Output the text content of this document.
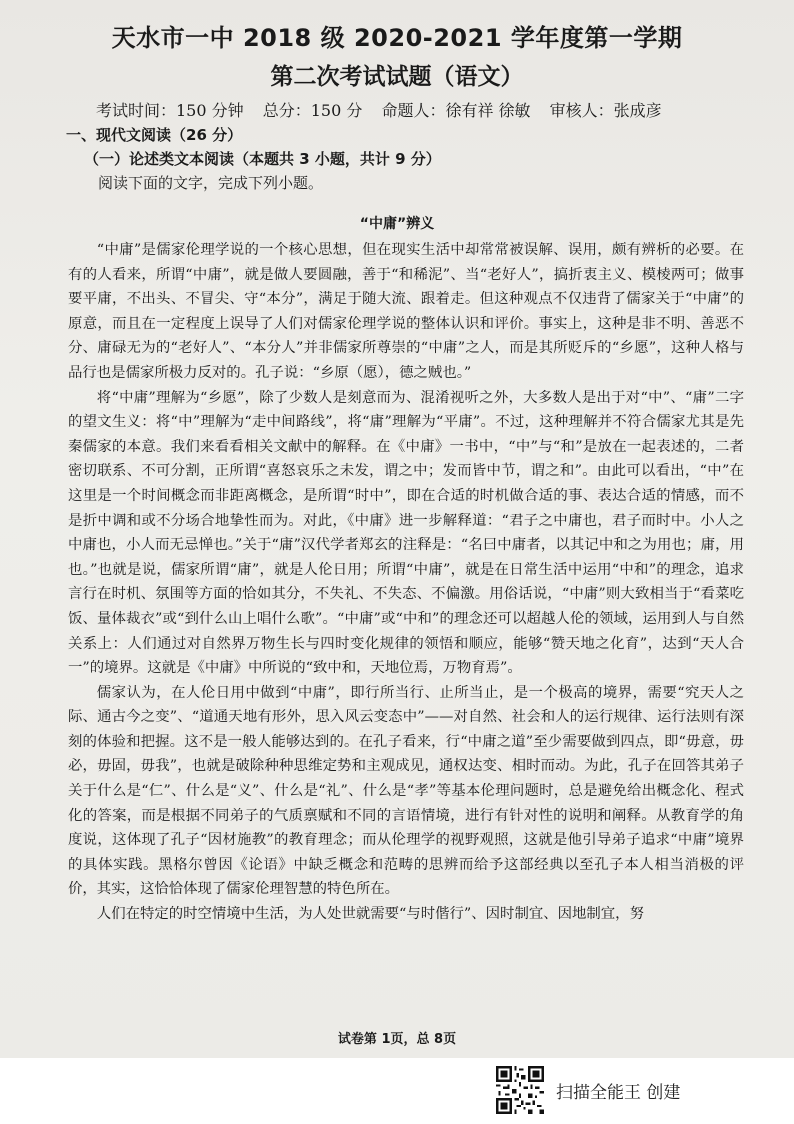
天水市一中 2018 级 2020-2021 学年度第一学期
第二次考试试题（语文）
考试时间：150 分钟 总分：150 分 命题人：徐有祥 徐敏 审核人：张成彦
一、现代文阅读（26 分）
（一）论述类文本阅读（本题共 3 小题，共计 9 分）
阅读下面的文字，完成下列小题。
“中庸”辨义

“中庸”是儒家伦理学说的一个核心思想，但在现实生活中却常常被误解、误用，颇有辨析的必要。在有的人看来，所谓“中庸”，就是做人要圆融，善于“和稀泥”、当“老好人”，搞折衷主义、模棱两可；做事要平庸，不出头、不冒尖、守“本分”，满足于随大流、跟着走。但这种观点不仅违背了儒家关于“中庸”的原意，而且在一定程度上误导了人们对儒家伦理学说的整体认识和评价。事实上，这种是非不明、善恶不分、庸碌无为的“老好人”、“本分人”并非儒家所尊崇的“中庸”之人，而是其所贬斥的“乡愿”，这种人格与品行也是儒家所极力反对的。孔子说：“乡原（愿），德之贼也。”

将“中庸”理解为“乡愿”，除了少数人是刻意而为、混淆视听之外，大多数人是出于对“中”、“庸”二字的望文生义：将“中”理解为“走中间路线”，将“庸”理解为“平庸”。不过，这种理解并不符合儒家尤其是先秦儒家的本意。我们来看看相关文献中的解释。在《中庸》一书中，“中”与“和”是放在一起表述的，二者密切联系、不可分割，正所谓“喜怒哀乐之未发，谓之中；发而皆中节，谓之和”。由此可以看出，“中”在这里是一个时间概念而非距离概念，是所谓“时中”，即在合适的时机做合适的事、表达合适的情感，而不是折中调和或不分场合地挚性而为。对此，《中庸》进一步解释道：“君子之中庸也，君子而时中。小人之中庸也，小人而无忌惮也。”关于“庸”汉代学者郑玄的注释是：“名曰中庸者，以其记中和之为用也；庸，用也。”也就是说，儒家所谓“庸”，就是人伦日用；所谓“中庸”，就是在日常生活中运用“中和”的理念，追求言行在时机、氛围等方面的恰如其分，不失礼、不失态、不偏激。用俗话说，“中庸”则大致相当于“看菜吃饭、量体裁衣”或“到什么山上唱什么歌”。“中庸”或“中和”的理念还可以超越人伦的领域，运用到人与自然关系上：人们通过对自然界万物生长与四时变化规律的领悟和顺应，能够“赞天地之化育”，达到“天人合一”的境界。这就是《中庸》中所说的“致中和，天地位焉，万物育焉”。

儒家认为，在人伦日用中做到“中庸”，即行所当行、止所当止，是一个极高的境界，需要“究天人之际、通古今之变”、“道通天地有形外，思入风云变态中”——对自然、社会和人的运行规律、运行法则有深刻的体验和把握。这不是一般人能够达到的。在孔子看来，行“中庸之道”至少需要做到四点，即“毋意，毋必，毋固，毋我”，也就是破除种种思维定势和主观成见，通权达变、相时而动。为此，孔子在回答其弟子关于什么是“仁”、什么是“义”、什么是“礼”、什么是“孝”等基本伦理问题时，总是避免给出概念化、程式化的答案，而是根据不同弟子的气质禀赋和不同的言语情境，进行有针对性的说明和阐释。从教育学的角度说，这体现了孔子“因材施教”的教育理念；而从伦理学的视野观照，这就是他引导弟子追求“中庸”境界的具体实践。黑格尔曾因《论语》中缺乏概念和范畴的思辨而给予这部经典以至孔子本人相当消极的评价，其实，这恰恰体现了儒家伦理智慧的特色所在。

人们在特定的时空情境中生活，为人处世就需要“与时偕行”、因时制宜、因地制宜，努

试卷第 1页，总 8页
扫描全能王 创建
